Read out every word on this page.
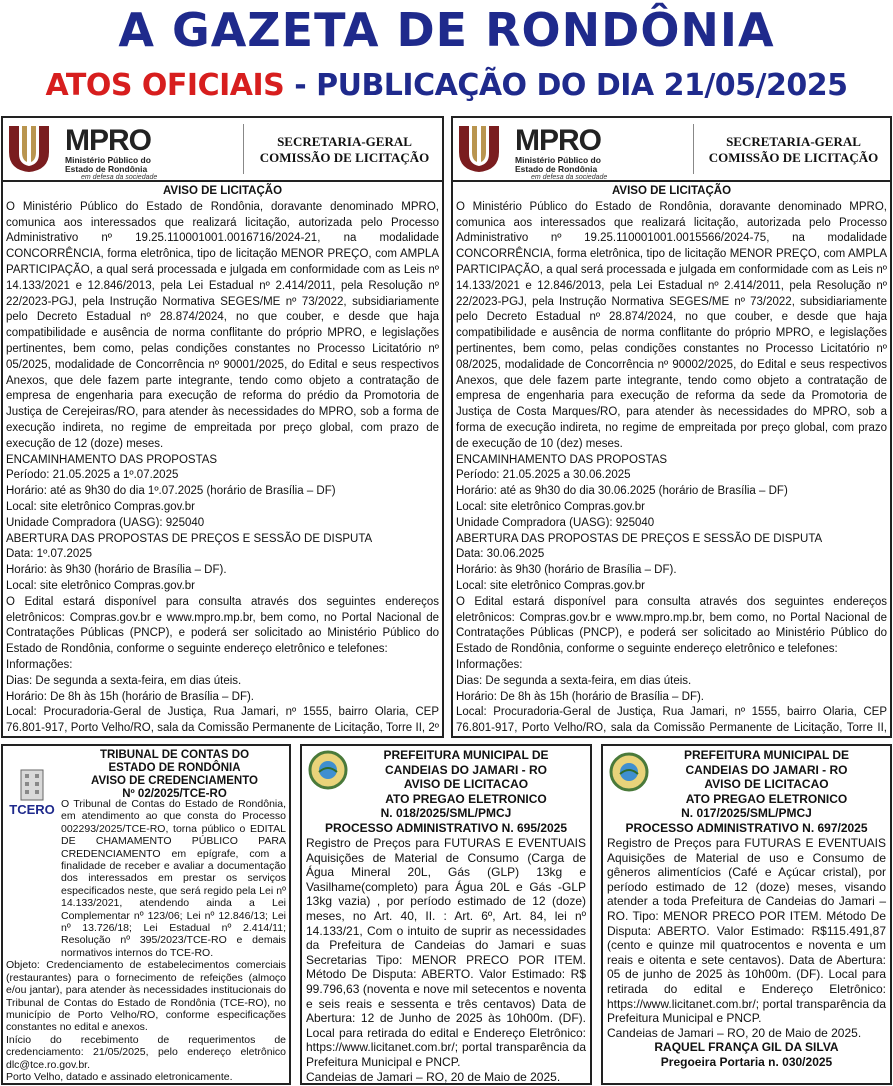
A GAZETA DE RONDÔNIA
ATOS OFICIAIS - PUBLICAÇÃO DO DIA 21/05/2025
MPRO
Ministério Público do
Estado de Rondônia
em defesa da sociedade
SECRETARIA-GERAL
COMISSÃO DE LICITAÇÃO

AVISO DE LICITAÇÃO

O Ministério Público do Estado de Rondônia, doravante denominado MPRO, comunica aos interessados que realizará licitação, autorizada pelo Processo Administrativo nº 19.25.110001001.0016716/2024-21, na modalidade CONCORRÊNCIA, forma eletrônica, tipo de licitação MENOR PREÇO, com AMPLA PARTICIPAÇÃO, a qual será processada e julgada em conformidade com as Leis nº 14.133/2021 e 12.846/2013, pela Lei Estadual nº 2.414/2011, pela Resolução nº 22/2023-PGJ, pela Instrução Normativa SEGES/ME nº 73/2022, subsidiariamente pelo Decreto Estadual nº 28.874/2024, no que couber, e desde que haja compatibilidade e ausência de norma conflitante do próprio MPRO, e legislações pertinentes, bem como, pelas condições constantes no Processo Licitatório nº 05/2025, modalidade de Concorrência nº 90001/2025, do Edital e seus respectivos Anexos, que dele fazem parte integrante, tendo como objeto a contratação de empresa de engenharia para execução de reforma do prédio da Promotoria de Justiça de Cerejeiras/RO, para atender às necessidades do MPRO, sob a forma de execução indireta, no regime de empreitada por preço global, com prazo de execução de 12 (doze) meses.

ENCAMINHAMENTO DAS PROPOSTAS

Período: 21.05.2025 a 1º.07.2025

Horário: até as 9h30 do dia 1º.07.2025 (horário de Brasília – DF)

Local: site eletrônico Compras.gov.br

Unidade Compradora (UASG): 925040

ABERTURA DAS PROPOSTAS DE PREÇOS E SESSÃO DE DISPUTA

Data: 1º.07.2025

Horário: às 9h30 (horário de Brasília – DF).

Local: site eletrônico Compras.gov.br

O Edital estará disponível para consulta através dos seguintes endereços eletrônicos: Compras.gov.br e www.mpro.mp.br, bem como, no Portal Nacional de Contratações Públicas (PNCP), e poderá ser solicitado ao Ministério Público do Estado de Rondônia, conforme o seguinte endereço eletrônico e telefones:

Informações:

Dias: De segunda a sexta-feira, em dias úteis.

Horário: De 8h às 15h (horário de Brasília – DF).

Local: Procuradoria-Geral de Justiça, Rua Jamari, nº 1555, bairro Olaria, CEP 76.801-917, Porto Velho/RO, sala da Comissão Permanente de Licitação, Torre II, 2º

MPRO
Ministério Público do
Estado de Rondônia
em defesa da sociedade
SECRETARIA-GERAL
COMISSÃO DE LICITAÇÃO

AVISO DE LICITAÇÃO

O Ministério Público do Estado de Rondônia, doravante denominado MPRO, comunica aos interessados que realizará licitação, autorizada pelo Processo Administrativo nº 19.25.110001001.0015566/2024-75, na modalidade CONCORRÊNCIA, forma eletrônica, tipo de licitação MENOR PREÇO, com AMPLA PARTICIPAÇÃO, a qual será processada e julgada em conformidade com as Leis nº 14.133/2021 e 12.846/2013, pela Lei Estadual nº 2.414/2011, pela Resolução nº 22/2023-PGJ, pela Instrução Normativa SEGES/ME nº 73/2022, subsidiariamente pelo Decreto Estadual nº 28.874/2024, no que couber, e desde que haja compatibilidade e ausência de norma conflitante do próprio MPRO, e legislações pertinentes, bem como, pelas condições constantes no Processo Licitatório nº 08/2025, modalidade de Concorrência nº 90002/2025, do Edital e seus respectivos Anexos, que dele fazem parte integrante, tendo como objeto a contratação de empresa de engenharia para execução de reforma da sede da Promotoria de Justiça de Costa Marques/RO, para atender às necessidades do MPRO, sob a forma de execução indireta, no regime de empreitada por preço global, com prazo de execução de 10 (dez) meses.

ENCAMINHAMENTO DAS PROPOSTAS

Período: 21.05.2025 a 30.06.2025

Horário: até as 9h30 do dia 30.06.2025 (horário de Brasília – DF)

Local: site eletrônico Compras.gov.br

Unidade Compradora (UASG): 925040

ABERTURA DAS PROPOSTAS DE PREÇOS E SESSÃO DE DISPUTA

Data: 30.06.2025

Horário: às 9h30 (horário de Brasília – DF).

Local: site eletrônico Compras.gov.br

O Edital estará disponível para consulta através dos seguintes endereços eletrônicos: Compras.gov.br e www.mpro.mp.br, bem como, no Portal Nacional de Contratações Públicas (PNCP), e poderá ser solicitado ao Ministério Público do Estado de Rondônia, conforme o seguinte endereço eletrônico e telefones:

Informações:

Dias: De segunda a sexta-feira, em dias úteis.

Horário: De 8h às 15h (horário de Brasília – DF).

Local: Procuradoria-Geral de Justiça, Rua Jamari, nº 1555, bairro Olaria, CEP 76.801-917, Porto Velho/RO, sala da Comissão Permanente de Licitação, Torre II,

TCERO
TRIBUNAL DE CONTAS DO
ESTADO DE RONDÔNIA
AVISO DE CREDENCIAMENTO
Nº 02/2025/TCE-RO

O Tribunal de Contas do Estado de Rondônia, em atendimento ao que consta do Processo 002293/2025/TCE-RO, torna público o EDITAL DE CHAMAMENTO PÚBLICO PARA CREDENCIAMENTO em epígrafe, com a finalidade de receber e avaliar a documentação dos interessados em prestar os serviços especificados neste, que será regido pela Lei nº 14.133/2021, atendendo ainda a Lei Complementar nº 123/06; Lei nº 12.846/13; Lei nº 13.726/18; Lei Estadual nº 2.414/11; Resolução nº 395/2023/TCE-RO e demais normativos internos do TCE-RO.

Objeto: Credenciamento de estabelecimentos comerciais (restaurantes) para o fornecimento de refeições (almoço e/ou jantar), para atender às necessidades institucionais do Tribunal de Contas do Estado de Rondônia (TCE-RO), no município de Porto Velho/RO, conforme especificações constantes no edital e anexos.

Início do recebimento de requerimentos de credenciamento: 21/05/2025, pelo endereço eletrônico dlc@tce.ro.gov.br.

Porto Velho, datado e assinado eletronicamente.

PREFEITURA MUNICIPAL DE
CANDEIAS DO JAMARI - RO
AVISO DE LICITACAO
ATO PREGAO ELETRONICO
N. 018/2025/SML/PMCJ
PROCESSO ADMINISTRATIVO N. 695/2025

Registro de Preços para FUTURAS E EVENTUAIS Aquisições de Material de Consumo (Carga de Água Mineral 20L, Gás (GLP) 13kg e Vasilhame(completo) para Água 20L e Gás -GLP 13kg vazia) , por período estimado de 12 (doze) meses, no Art. 40, II. : Art. 6º, Art. 84, lei nº 14.133/21, Com o intuito de suprir as necessidades da Prefeitura de Candeias do Jamari e suas Secretarias Tipo: MENOR PRECO POR ITEM. Método De Disputa: ABERTO. Valor Estimado: R$ 99.796,63 (noventa e nove mil setecentos e noventa e seis reais e sessenta e três centavos) Data de Abertura: 12 de Junho de 2025 às 10h00m. (DF). Local para retirada do edital e Endereço Eletrônico: https://www.licitanet.com.br/; portal transparência da Prefeitura Municipal e PNCP.

Candeias de Jamari – RO, 20 de Maio de 2025.

PREFEITURA MUNICIPAL DE
CANDEIAS DO JAMARI - RO
AVISO DE LICITACAO
ATO PREGAO ELETRONICO
N. 017/2025/SML/PMCJ
PROCESSO ADMINISTRATIVO N. 697/2025

Registro de Preços para FUTURAS E EVENTUAIS Aquisições de Material de uso e Consumo de gêneros alimentícios (Café e Açúcar cristal), por período estimado de 12 (doze) meses, visando atender a toda Prefeitura de Candeias do Jamari – RO. Tipo: MENOR PRECO POR ITEM. Método De Disputa: ABERTO. Valor Estimado: R$115.491,87 (cento e quinze mil quatrocentos e noventa e um reais e oitenta e sete centavos). Data de Abertura: 05 de junho de 2025 às 10h00m. (DF). Local para retirada do edital e Endereço Eletrônico: https://www.licitanet.com.br/; portal transparência da Prefeitura Municipal e PNCP.

Candeias de Jamari – RO, 20 de Maio de 2025.

RAQUEL FRANÇA GIL DA SILVA

Pregoeira Portaria n. 030/2025
